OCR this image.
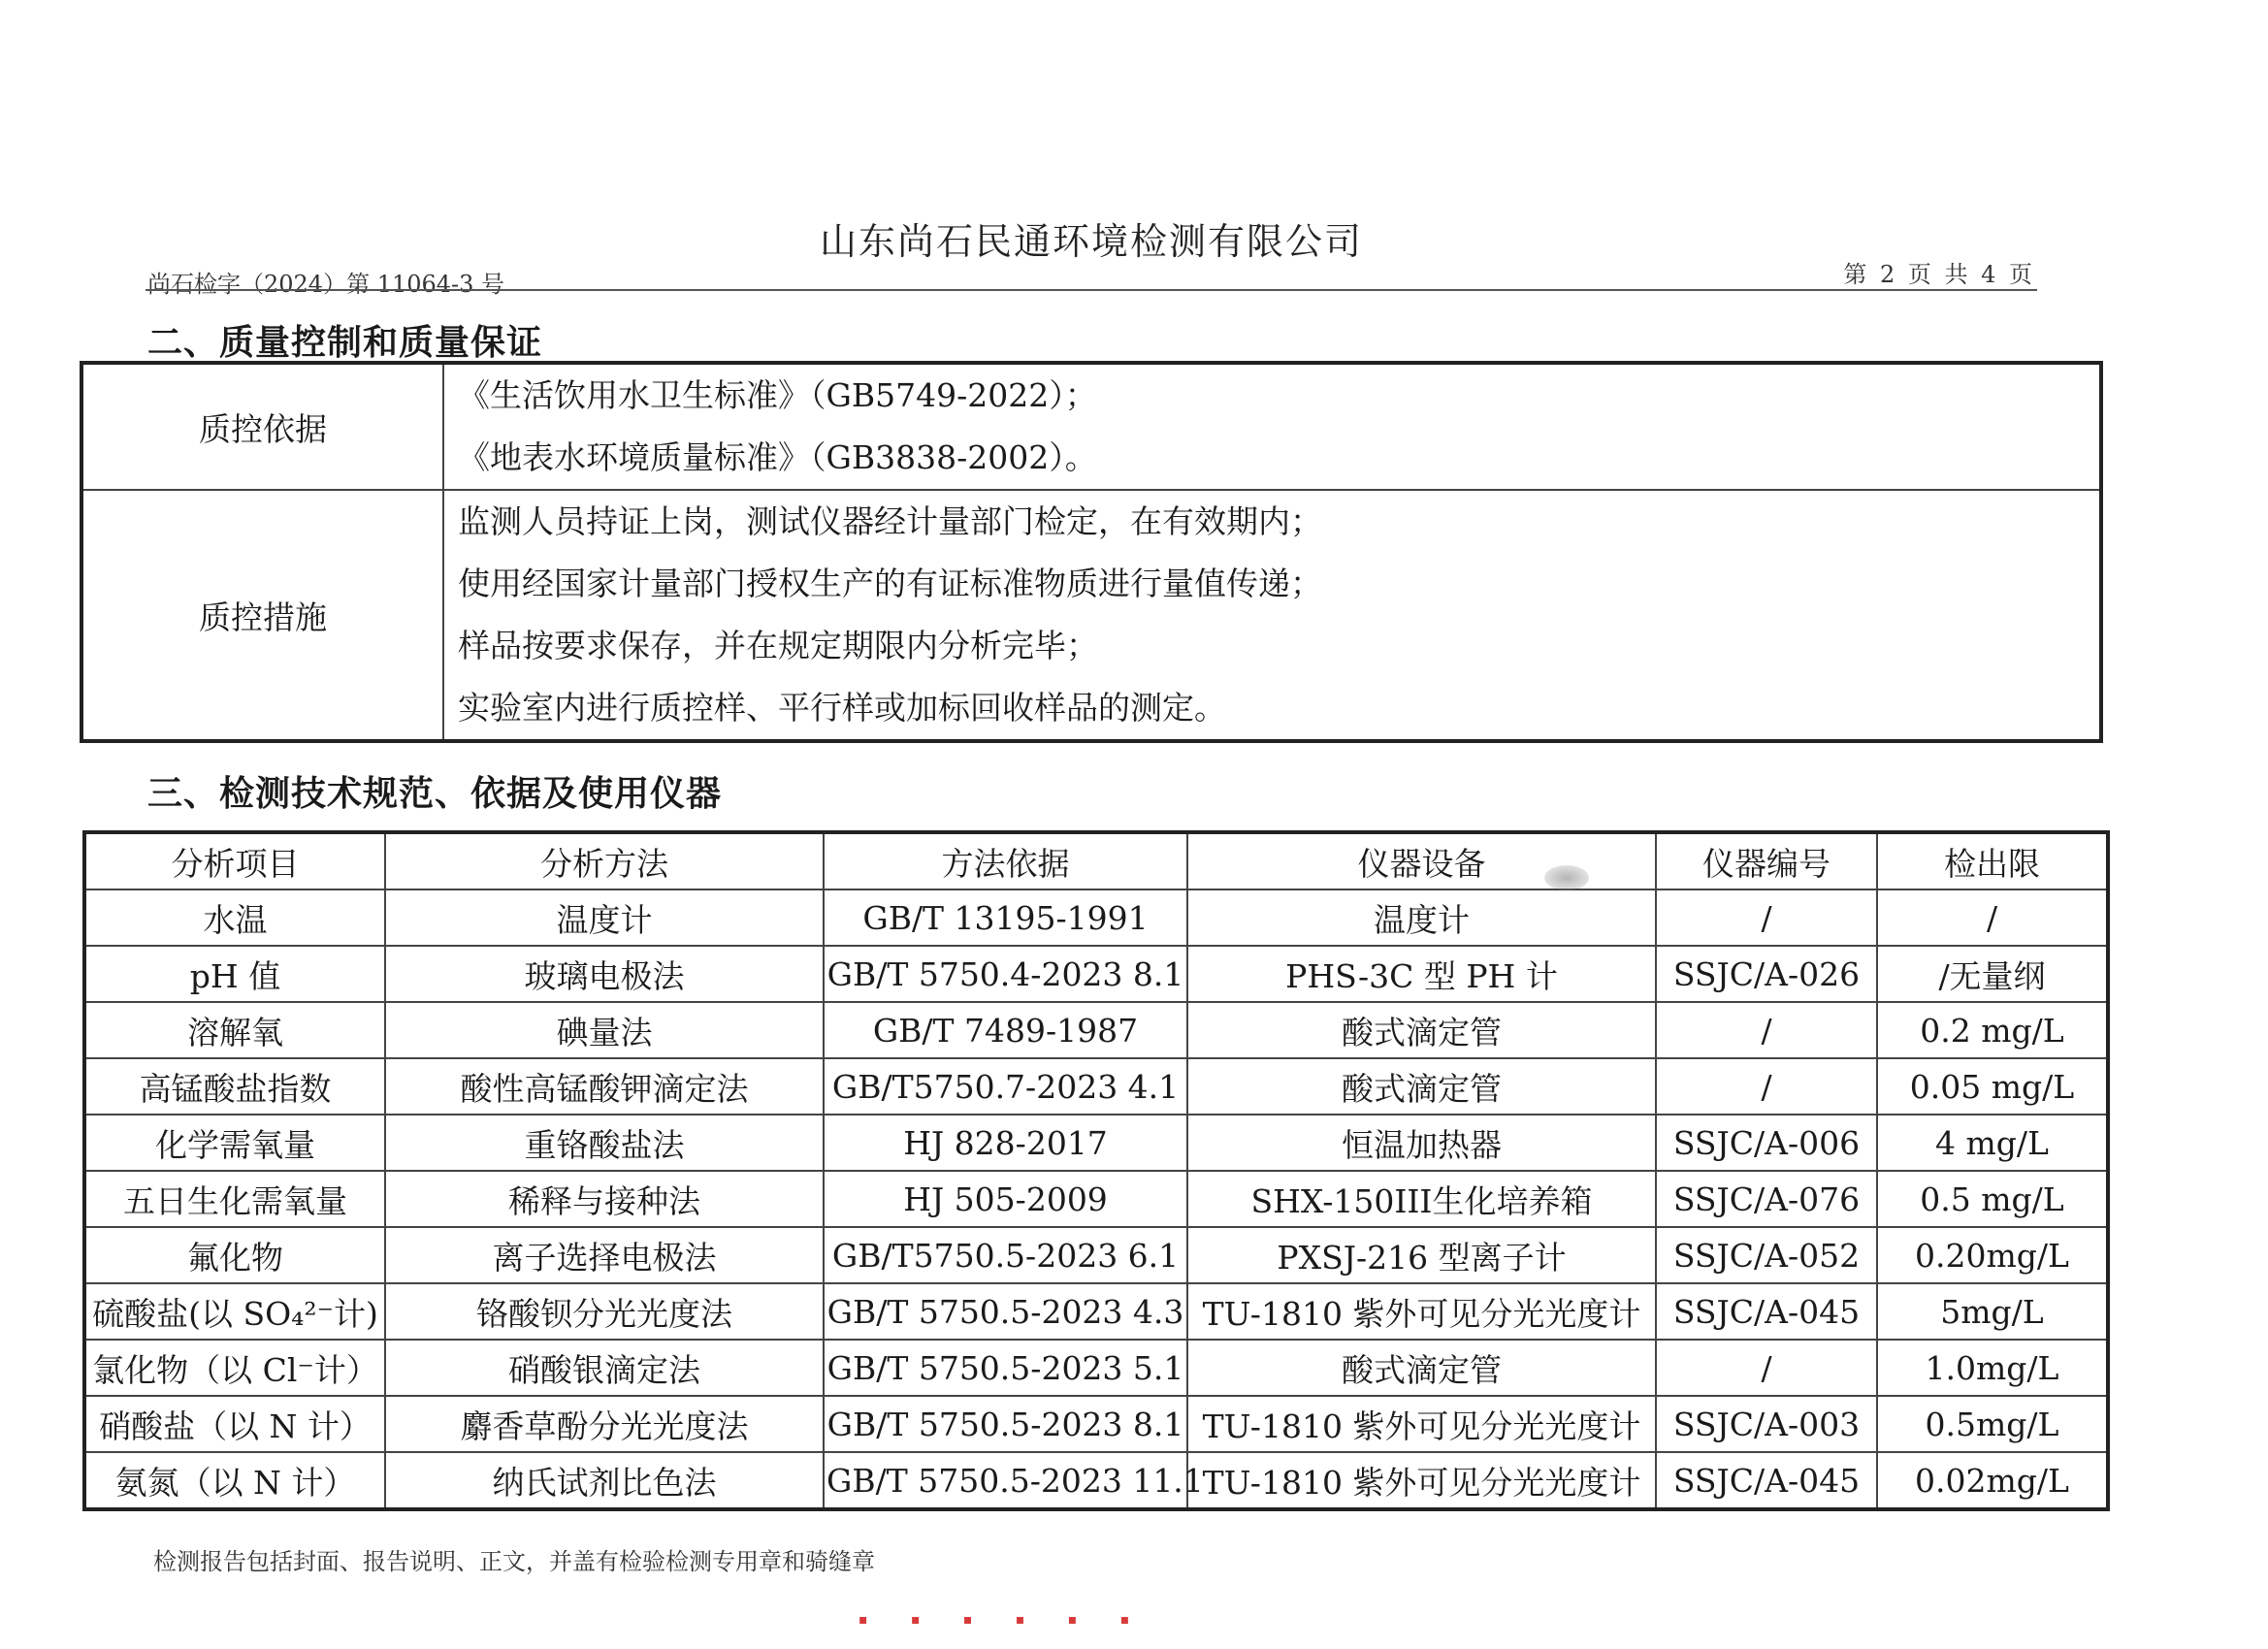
山东尚石民通环境检测有限公司
尚石检字（2024）第 11064-3 号	第 2 页 共 4 页
二、质量控制和质量保证
质控依据	《生活饮用水卫生标准》（GB5749-2022）；
《地表水环境质量标准》（GB3838-2002）。

质控措施	监测人员持证上岗，测试仪器经计量部门检定，在有效期内；
使用经国家计量部门授权生产的有证标准物质进行量值传递；
样品按要求保存，并在规定期限内分析完毕；
实验室内进行质控样、平行样或加标回收样品的测定。
三、检测技术规范、依据及使用仪器
分析项目	分析方法	方法依据	仪器设备	仪器编号	检出限
水温	温度计	GB/T 13195-1991	温度计	/	/
pH 值	玻璃电极法	GB/T 5750.4-2023 8.1	PHS-3C 型 PH 计	SSJC/A-026	/无量纲
溶解氧	碘量法	GB/T 7489-1987	酸式滴定管	/	0.2 mg/L
高锰酸盐指数	酸性高锰酸钾滴定法	GB/T5750.7-2023 4.1	酸式滴定管	/	0.05 mg/L
化学需氧量	重铬酸盐法	HJ 828-2017	恒温加热器	SSJC/A-006	4 mg/L
五日生化需氧量	稀释与接种法	HJ 505-2009	SHX-150III生化培养箱	SSJC/A-076	0.5 mg/L
氟化物	离子选择电极法	GB/T5750.5-2023 6.1	PXSJ-216 型离子计	SSJC/A-052	0.20mg/L
硫酸盐(以 SO₄²⁻计)	铬酸钡分光光度法	GB/T 5750.5-2023 4.3	TU-1810 紫外可见分光光度计	SSJC/A-045	5mg/L
氯化物（以 Cl⁻计）	硝酸银滴定法	GB/T 5750.5-2023 5.1	酸式滴定管	/	1.0mg/L
硝酸盐（以 N 计）	麝香草酚分光光度法	GB/T 5750.5-2023 8.1	TU-1810 紫外可见分光光度计	SSJC/A-003	0.5mg/L
氨氮（以 N 计）	纳氏试剂比色法	GB/T 5750.5-2023 11.1	TU-1810 紫外可见分光光度计	SSJC/A-045	0.02mg/L
检测报告包括封面、报告说明、正文，并盖有检验检测专用章和骑缝章
▪ ▪ ▪ ▪ ▪ ▪
